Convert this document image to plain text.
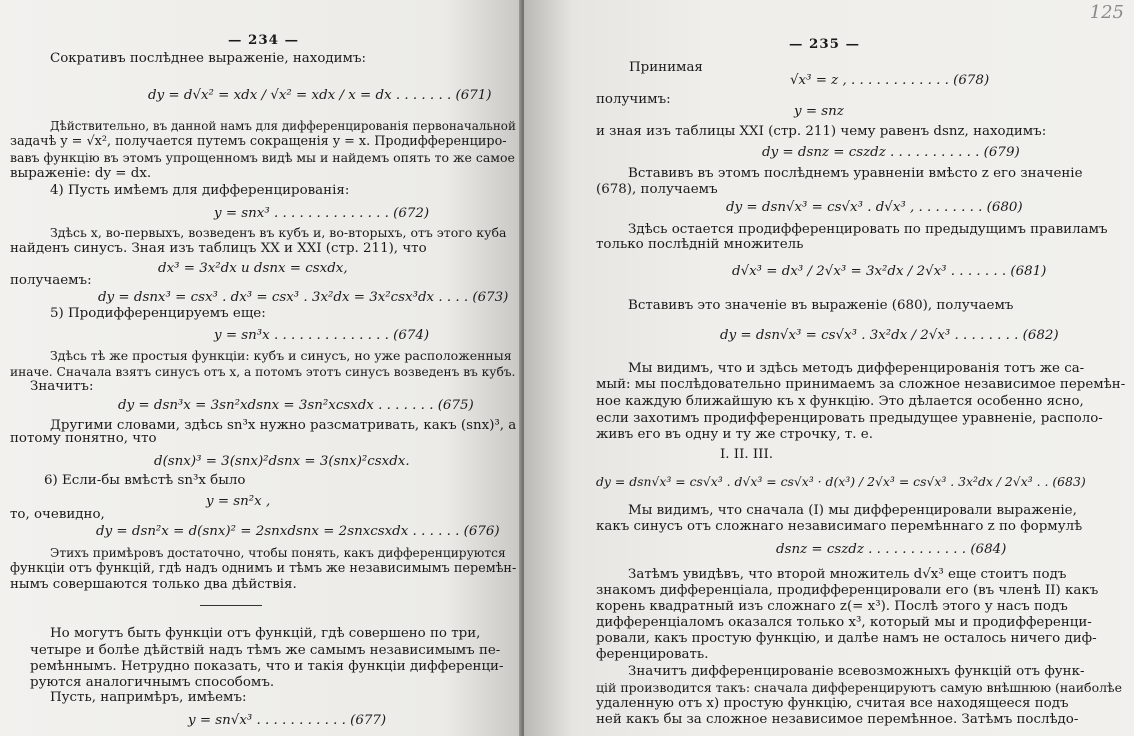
— 234 —
Сокративъ послѣднее выраженіе, находимъ:
dy = d√x² = xdx / √x² = xdx / x = dx . . . . . . . (671)
Дѣйствительно, въ данной намъ для дифференцированія первоначальной
задачѣ y = √x², получается путемъ сокращенія y = x. Продифференциро-
вавъ функцію въ этомъ упрощенномъ видѣ мы и найдемъ опять то же самое
выраженіе: dy = dx.
4) Пусть имѣемъ для дифференцированія:
y = snx³ . . . . . . . . . . . . . . (672)
Здѣсь x, во-первыхъ, возведенъ въ кубъ и, во-вторыхъ, отъ этого куба
найденъ синусъ. Зная изъ таблицъ XX и XXI (стр. 211), что
dx³ = 3x²dx и dsnx = csxdx,
получаемъ:
dy = dsnx³ = csx³ . dx³ = csx³ . 3x²dx = 3x²csx³dx . . . . (673)
5) Продифференцируемъ еще:
y = sn³x . . . . . . . . . . . . . . (674)
Здѣсь тѣ же простыя функціи: кубъ и синусъ, но уже расположенныя
иначе. Сначала взятъ синусъ отъ x, а потомъ этотъ синусъ возведенъ въ кубъ.
Значитъ:
dy = dsn³x = 3sn²xdsnx = 3sn²xcsxdx . . . . . . . (675)
Другими словами, здѣсь sn³x нужно разсматривать, какъ (snx)³, а
потому понятно, что
d(snx)³ = 3(snx)²dsnx = 3(snx)²csxdx.
6) Если-бы вмѣстѣ sn³x было
y = sn²x ,
то, очевидно,
dy = dsn²x = d(snx)² = 2snxdsnx = 2snxcsxdx . . . . . . (676)
Этихъ примѣровъ достаточно, чтобы понять, какъ дифференцируются
функціи отъ функцій, гдѣ надъ однимъ и тѣмъ же независимымъ перемѣн-
нымъ совершаются только два дѣйствія.
Но могутъ быть функціи отъ функцій, гдѣ совершено по три,
четыре и болѣе дѣйствій надъ тѣмъ же самымъ независимымъ пе-
ремѣннымъ. Нетрудно показать, что и такія функціи дифференци-
руются аналогичнымъ способомъ.
Пусть, напримѣръ, имѣемъ:
y = sn√x³ . . . . . . . . . . . (677)
— 235 —
125
Принимая
√x³ = z , . . . . . . . . . . . . (678)
получимъ:
y = snz
и зная изъ таблицы XXI (стр. 211) чему равенъ dsnz, находимъ:
dy = dsnz = cszdz . . . . . . . . . . . (679)
Вставивъ въ этомъ послѣднемъ уравненіи вмѣсто z его значеніе
(678), получаемъ
dy = dsn√x³ = cs√x³ . d√x³ , . . . . . . . . (680)
Здѣсь остается продифференцировать по предыдущимъ правиламъ
только послѣдній множитель
d√x³ = dx³ / 2√x³ = 3x²dx / 2√x³ . . . . . . . (681)
Вставивъ это значеніе въ выраженіе (680), получаемъ
dy = dsn√x³ = cs√x³ . 3x²dx / 2√x³ . . . . . . . . (682)
Мы видимъ, что и здѣсь методъ дифференцированія тотъ же са-
мый: мы послѣдовательно принимаемъ за сложное независимое перемѣн-
ное каждую ближайшую къ x функцію. Это дѣлается особенно ясно,
если захотимъ продифференцировать предыдущее уравненіе, располо-
живъ его въ одну и ту же строчку, т. е.
I. II. III.
dy = dsn√x³ = cs√x³ . d√x³ = cs√x³ · d(x³) / 2√x³ = cs√x³ . 3x²dx / 2√x³ . . (683)
Мы видимъ, что сначала (I) мы дифференцировали выраженіе,
какъ синусъ отъ сложнаго независимаго перемѣннаго z по формулѣ
dsnz = cszdz . . . . . . . . . . . . (684)
Затѣмъ увидѣвъ, что второй множитель d√x³ еще стоитъ подъ
знакомъ дифференціала, продифференцировали его (въ членѣ II) какъ
корень квадратный изъ сложнаго z(= x³). Послѣ этого у насъ подъ
дифференціаломъ оказался только x³, который мы и продифференци-
ровали, какъ простую функцію, и далѣе намъ не осталось ничего диф-
ференцировать.
Значитъ дифференцированіе всевозможныхъ функцій отъ функ-
цій производится такъ: сначала дифференцируютъ самую внѣшнюю (наиболѣе
удаленную отъ x) простую функцію, считая все находящееся подъ
ней какъ бы за сложное независимое перемѣнное. Затѣмъ послѣдо-
